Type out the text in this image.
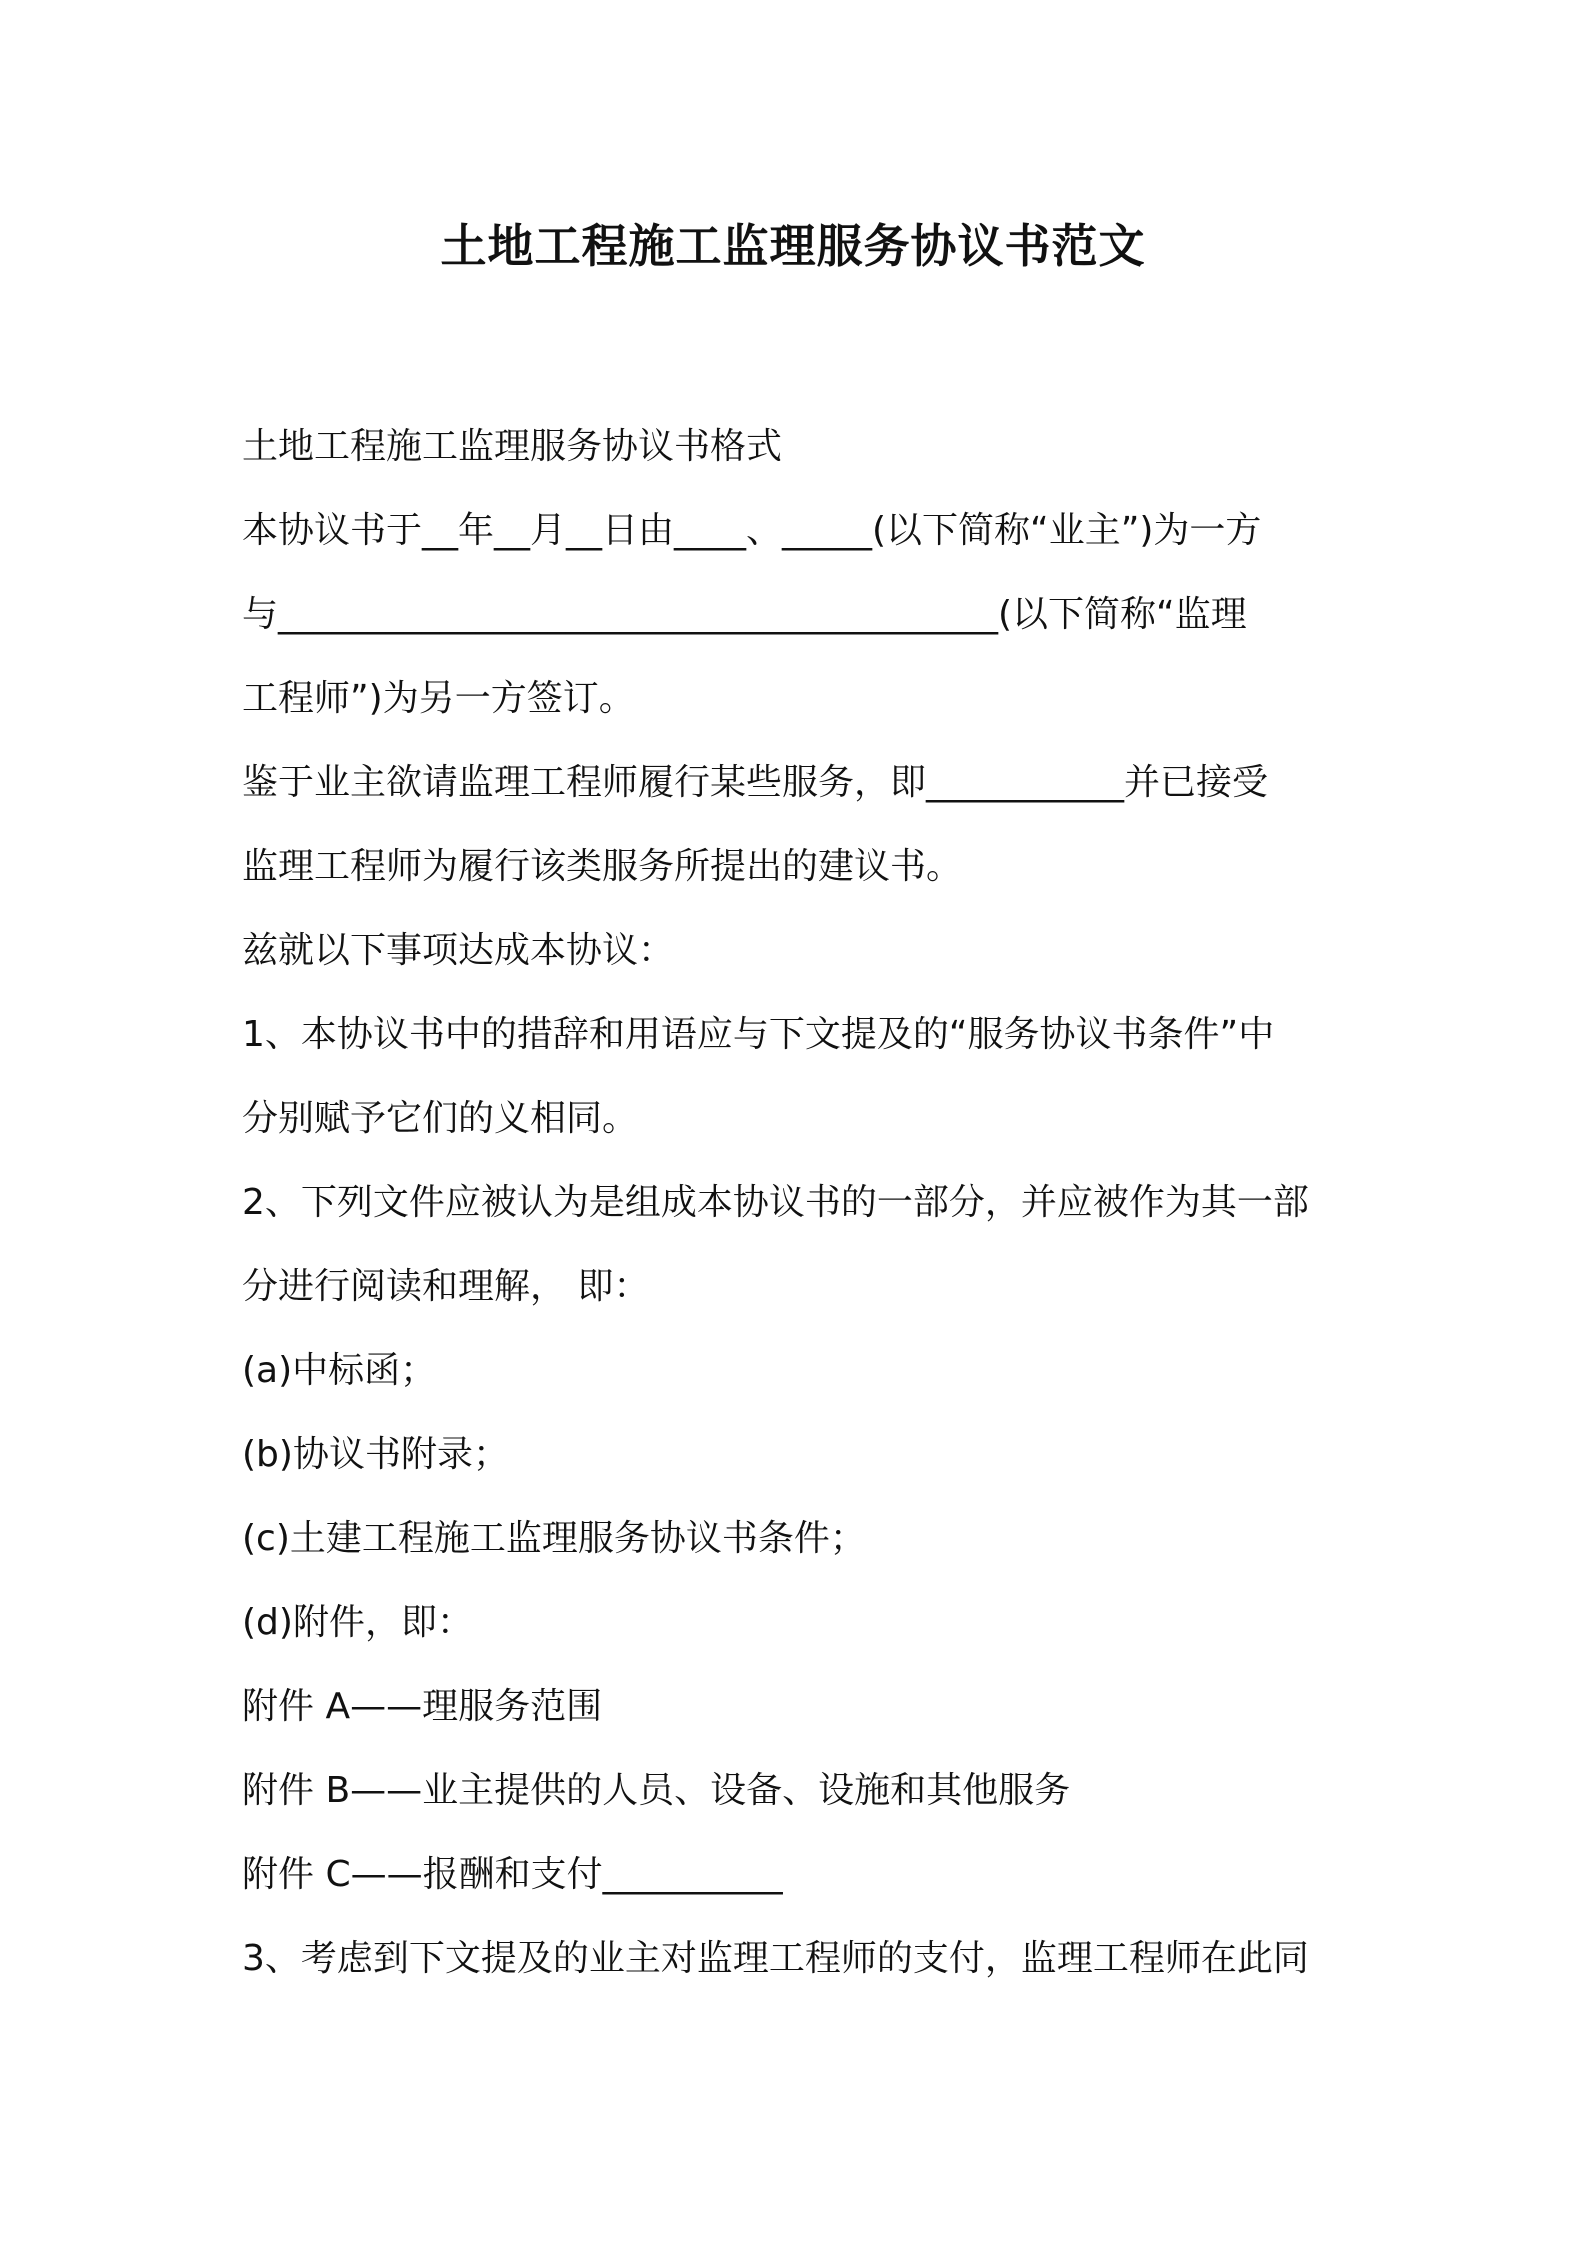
土地工程施工监理服务协议书范文
土地工程施工监理服务协议书格式
本协议书于__年__月__日由____、_____(以下简称“业主”)为一方
与________________________________________(以下简称“监理
工程师”)为另一方签订。
鉴于业主欲请监理工程师履行某些服务，即___________并已接受
监理工程师为履行该类服务所提出的建议书。
兹就以下事项达成本协议：
1、本协议书中的措辞和用语应与下文提及的“服务协议书条件”中
分别赋予它们的义相同。
2、下列文件应被认为是组成本协议书的一部分，并应被作为其一部
分进行阅读和理解， 即：
(a)中标函；
(b)协议书附录；
(c)土建工程施工监理服务协议书条件；
(d)附件，即：
附件 A——理服务范围
附件 B——业主提供的人员、设备、设施和其他服务
附件 C——报酬和支付__________
3、考虑到下文提及的业主对监理工程师的支付，监理工程师在此同
